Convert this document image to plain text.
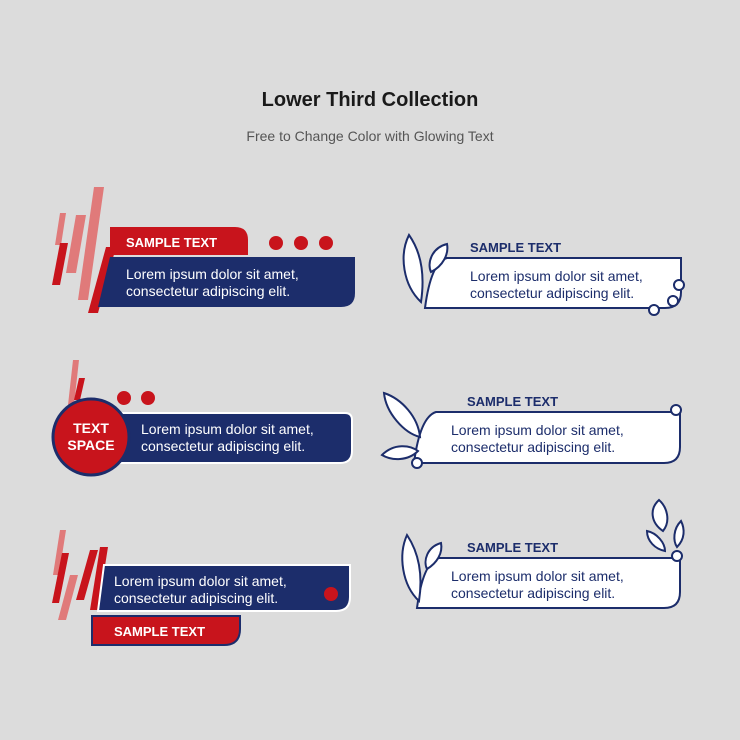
Lower Third Collection
Free to Change Color with Glowing Text
SAMPLE TEXT
Lorem ipsum dolor sit amet,
consectetur adipiscing elit.
SAMPLE TEXT
Lorem ipsum dolor sit amet,
consectetur adipiscing elit.
TEXT
SPACE
Lorem ipsum dolor sit amet,
consectetur adipiscing elit.
SAMPLE TEXT
Lorem ipsum dolor sit amet,
consectetur adipiscing elit.
Lorem ipsum dolor sit amet,
consectetur adipiscing elit.
SAMPLE TEXT
SAMPLE TEXT
Lorem ipsum dolor sit amet,
consectetur adipiscing elit.
